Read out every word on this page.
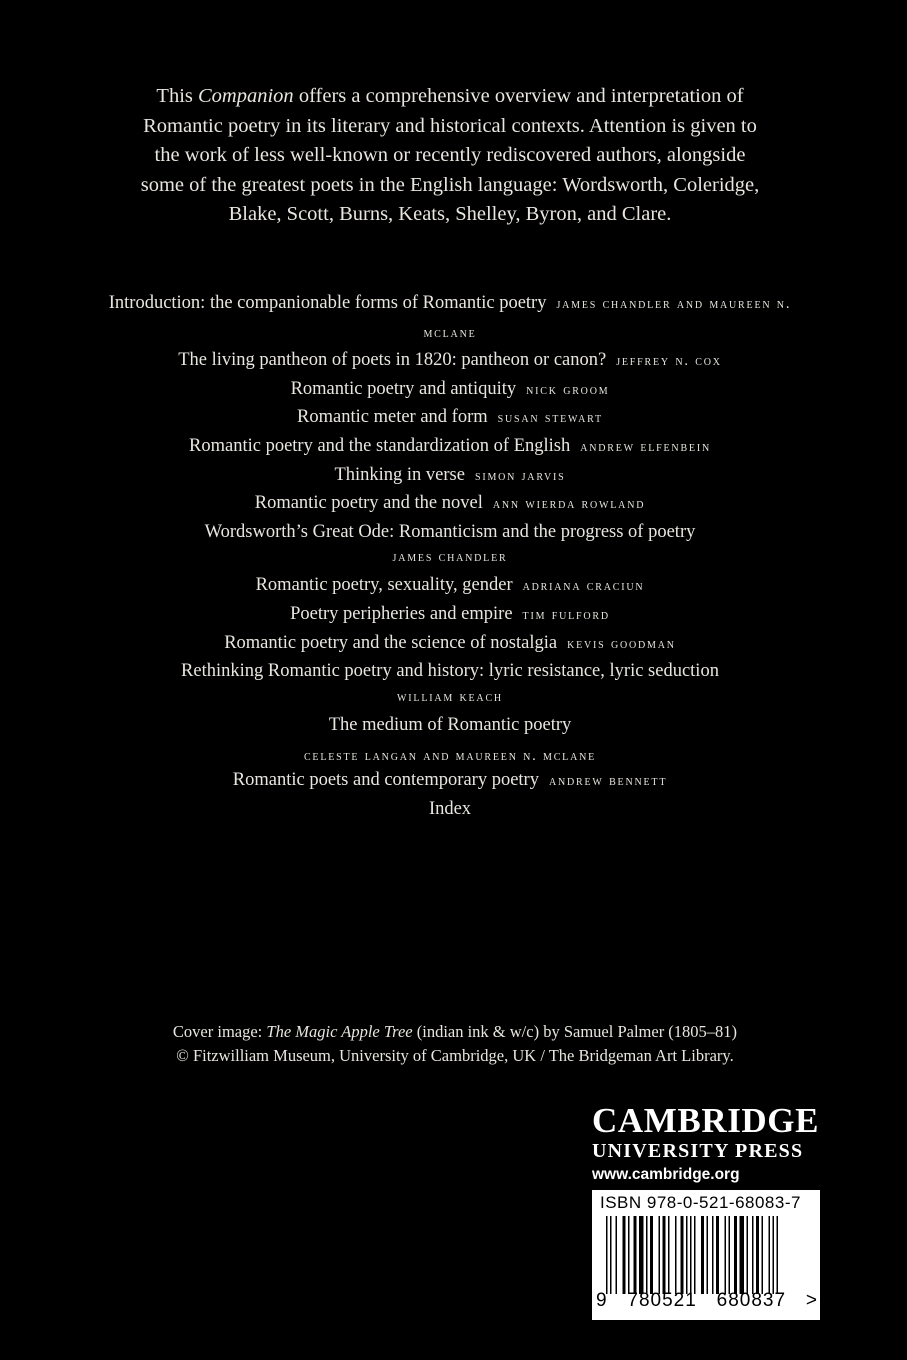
This Companion offers a comprehensive overview and interpretation of Romantic poetry in its literary and historical contexts. Attention is given to the work of less well-known or recently rediscovered authors, alongside some of the greatest poets in the English language: Wordsworth, Coleridge, Blake, Scott, Burns, Keats, Shelley, Byron, and Clare.

Introduction: the companionable forms of Romantic poetry james chandler and maureen n. mclane

The living pantheon of poets in 1820: pantheon or canon? jeffrey n. cox

Romantic poetry and antiquity nick groom

Romantic meter and form susan stewart

Romantic poetry and the standardization of English andrew elfenbein

Thinking in verse simon jarvis

Romantic poetry and the novel ann wierda rowland

Wordsworth’s Great Ode: Romanticism and the progress of poetry
james chandler

Romantic poetry, sexuality, gender adriana craciun

Poetry peripheries and empire tim fulford

Romantic poetry and the science of nostalgia kevis goodman

Rethinking Romantic poetry and history: lyric resistance, lyric seduction
william keach

The medium of Romantic poetry
celeste langan and maureen n. mclane

Romantic poets and contemporary poetry andrew bennett

Index

Cover image: The Magic Apple Tree (indian ink & w/c) by Samuel Palmer (1805–81)
© Fitzwilliam Museum, University of Cambridge, UK / The Bridgeman Art Library.
CAMBRIDGE
UNIVERSITY PRESS
www.cambridge.org
ISBN 978-0-521-68083-7
9 780521 680837 >
